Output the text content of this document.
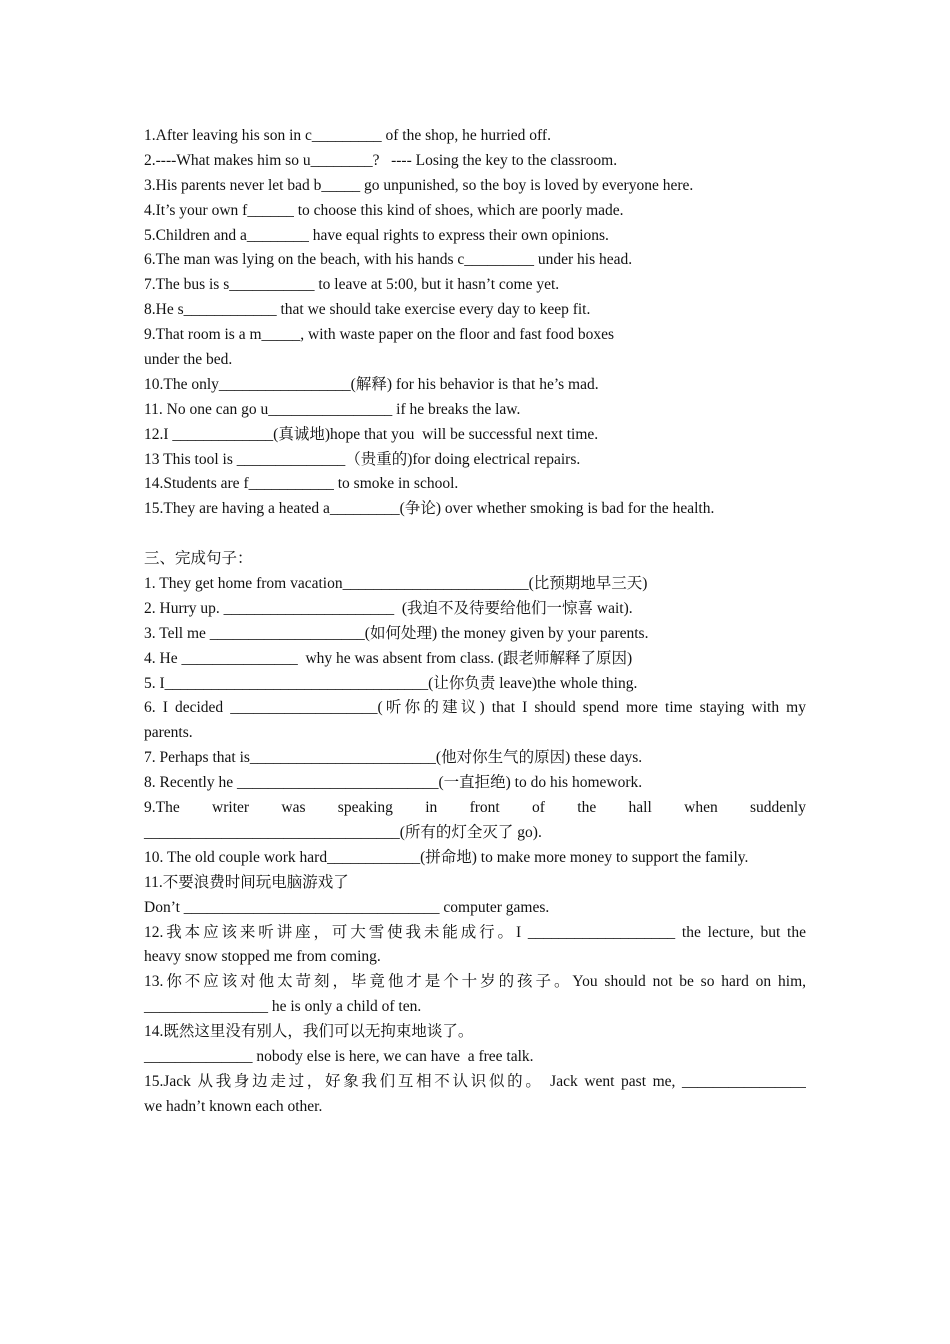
1.After leaving his son in c_________ of the shop, he hurried off.
2.----What makes him so u________?   ---- Losing the key to the classroom.
3.His parents never let bad b_____ go unpunished, so the boy is loved by everyone here.
4.It’s your own f______ to choose this kind of shoes, which are poorly made.
5.Children and a________ have equal rights to express their own opinions.
6.The man was lying on the beach, with his hands c_________ under his head.
7.The bus is s___________ to leave at 5:00, but it hasn’t come yet.
8.He s____________ that we should take exercise every day to keep fit.
9.That room is a m_____, with waste paper on the floor and fast food boxes
under the bed.
10.The only_________________(解释) for his behavior is that he’s mad.
11. No one can go u________________ if he breaks the law.
12.I _____________(真诚地)hope that you  will be successful next time.
13 This tool is ______________（贵重的)for doing electrical repairs.
14.Students are f___________ to smoke in school.
15.They are having a heated a_________(争论) over whether smoking is bad for the health.
三、完成句子：
1. They get home from vacation________________________(比预期地早三天)
2. Hurry up. ______________________  (我迫不及待要给他们一惊喜 wait).
3. Tell me ____________________(如何处理) the money given by your parents.
4. He _______________  why he was absent from class. (跟老师解释了原因)
5. I__________________________________(让你负责 leave)the whole thing.
6. I decided ___________________(听你的建议) that I should spend more time staying with my
parents.
7. Perhaps that is________________________(他对你生气的原因) these days.
8. Recently he __________________________(一直拒绝) to do his homework.
9.The writer was speaking in front of the hall when suddenly
_________________________________(所有的灯全灭了 go).
10. The old couple work hard____________(拼命地) to make more money to support the family.
11.不要浪费时间玩电脑游戏了
Don’t _________________________________ computer games.
12.我本应该来听讲座，可大雪使我未能成行。I ___________________ the lecture, but the
heavy snow stopped me from coming.
13.你不应该对他太苛刻，毕竟他才是个十岁的孩子。You should not be so hard on him,
________________ he is only a child of ten.
14.既然这里没有别人，我们可以无拘束地谈了。
______________ nobody else is here, we can have  a free talk.
15.Jack 从我身边走过，好象我们互相不认识似的。 Jack went past me, ________________
we hadn’t known each other.
